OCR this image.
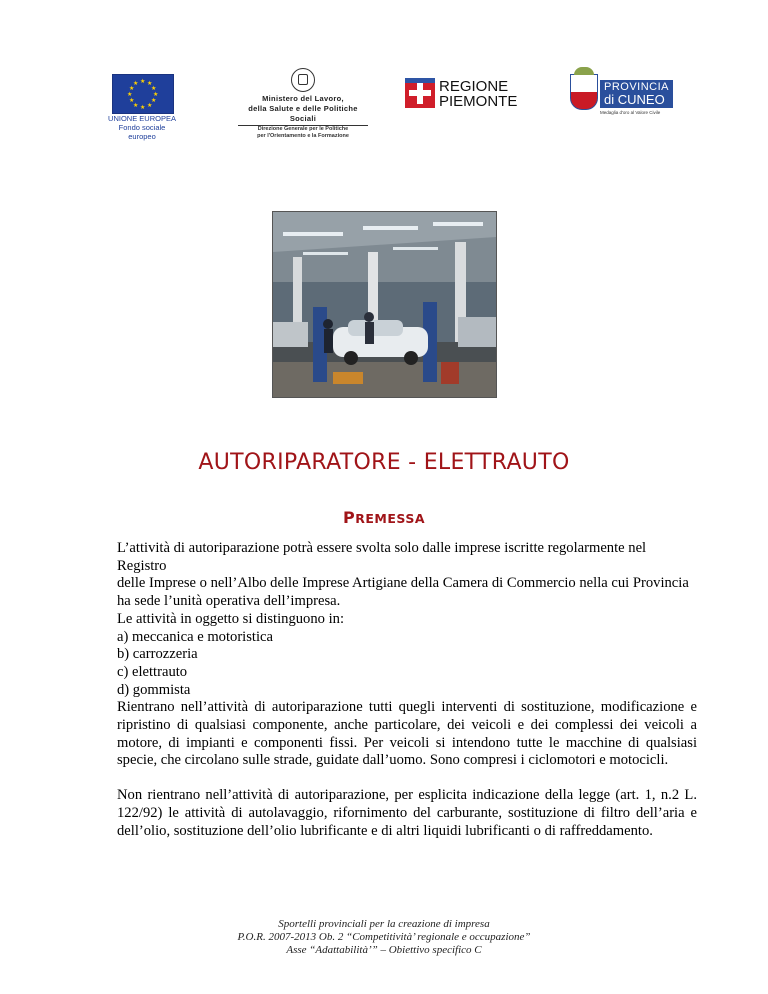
★ ★
★
★
★
★
★
★
★
★
★
★
UNIONE EUROPEA
Fondo sociale europeo
Ministero del Lavoro,
della Salute e delle Politiche Sociali
Direzione Generale per le Politiche
per l'Orientamento e la Formazione
REGIONE
PIEMONTE
PROVINCIA
di CUNEO
Medaglia d'oro al Valore Civile
AUTORIPARATORE - ELETTRAUTO
PREMESSA
L’attività di autoriparazione potrà essere svolta solo dalle imprese iscritte regolarmente nel Registro
delle Imprese o nell’Albo delle Imprese Artigiane della Camera di Commercio nella cui Provincia
ha sede l’unità operativa dell’impresa.
Le attività in oggetto si distinguono in:
a) meccanica e motoristica
b) carrozzeria
c) elettrauto
d) gommista
Rientrano nell’attività di autoriparazione tutti quegli interventi di sostituzione, modificazione e ripristino di qualsiasi componente, anche particolare, dei veicoli e dei complessi dei veicoli a motore, di impianti e componenti fissi. Per veicoli si intendono tutte le macchine di qualsiasi specie, che circolano sulle strade, guidate dall’uomo. Sono compresi i ciclomotori e motocicli.
Non rientrano nell’attività di autoriparazione, per esplicita indicazione della legge (art. 1, n.2 L. 122/92) le attività di autolavaggio, rifornimento del carburante, sostituzione di filtro dell’aria e dell’olio, sostituzione dell’olio lubrificante e di altri liquidi lubrificanti o di raffreddamento.
Sportelli provinciali per la creazione di impresa
P.O.R. 2007-2013 Ob. 2 “Competitività’ regionale e occupazione”
Asse “Adattabilità’” – Obiettivo specifico C
